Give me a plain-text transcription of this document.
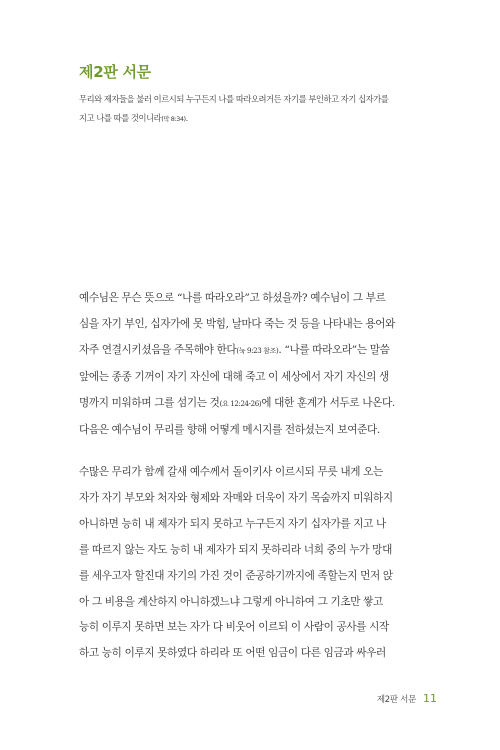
제2판 서문
무리와 제자들을 불러 이르시되 누구든지 나를 따라오려거든 자기를 부인하고 자기 십자가를
지고 나를 따를 것이니라(막 8:34).
예수님은 무슨 뜻으로 “나를 따라오라”고 하셨을까? 예수님이 그 부르
심을 자기 부인, 십자가에 못 박힘, 날마다 죽는 것 등을 나타내는 용어와
자주 연결시키셨음을 주목해야 한다(눅 9:23 참조). “나를 따라오라”는 말씀
앞에는 종종 기꺼이 자기 자신에 대해 죽고 이 세상에서 자기 자신의 생
명까지 미워하며 그를 섬기는 것(요 12:24-26)에 대한 훈계가 서두로 나온다.
다음은 예수님이 무리를 향해 어떻게 메시지를 전하셨는지 보여준다.
수많은 무리가 함께 갈새 예수께서 돌이키사 이르시되 무릇 내게 오는
자가 자기 부모와 처자와 형제와 자매와 더욱이 자기 목숨까지 미워하지
아니하면 능히 내 제자가 되지 못하고 누구든지 자기 십자가를 지고 나
를 따르지 않는 자도 능히 내 제자가 되지 못하리라 너희 중의 누가 망대
를 세우고자 할진대 자기의 가진 것이 준공하기까지에 족할는지 먼저 앉
아 그 비용을 계산하지 아니하겠느냐 그렇게 아니하여 그 기초만 쌓고
능히 이루지 못하면 보는 자가 다 비웃어 이르되 이 사람이 공사를 시작
하고 능히 이루지 못하였다 하리라 또 어떤 임금이 다른 임금과 싸우러
제2판 서문 11
